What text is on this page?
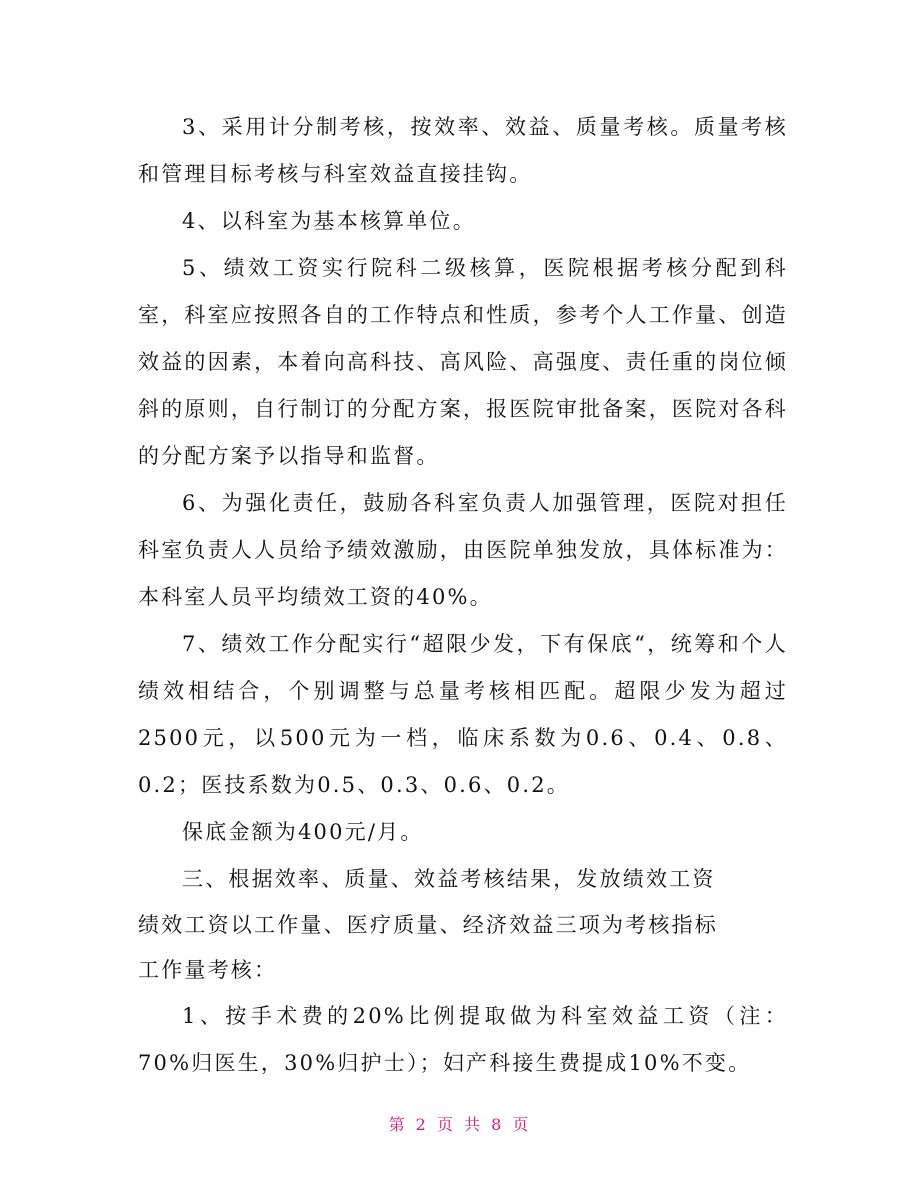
3、采用计分制考核，按效率、效益、质量考核。质量考核和管理目标考核与科室效益直接挂钩。

4、以科室为基本核算单位。

5、绩效工资实行院科二级核算，医院根据考核分配到科室，科室应按照各自的工作特点和性质，参考个人工作量、创造效益的因素，本着向高科技、高风险、高强度、责任重的岗位倾斜的原则，自行制订的分配方案，报医院审批备案，医院对各科的分配方案予以指导和监督。

6、为强化责任，鼓励各科室负责人加强管理，医院对担任科室负责人人员给予绩效激励，由医院单独发放，具体标准为：本科室人员平均绩效工资的40%。

7、绩效工作分配实行“超限少发，下有保底“，统筹和个人绩效相结合，个别调整与总量考核相匹配。超限少发为超过2500元，以500元为一档，临床系数为0.6、0.4、0.8、0.2；医技系数为0.5、0.3、0.6、0.2。

保底金额为400元/月。

三、根据效率、质量、效益考核结果，发放绩效工资

绩效工资以工作量、医疗质量、经济效益三项为考核指标

工作量考核：

1、按手术费的20%比例提取做为科室效益工资（注：70%归医生，30%归护士）；妇产科接生费提成10%不变。

第 2 页 共 8 页
